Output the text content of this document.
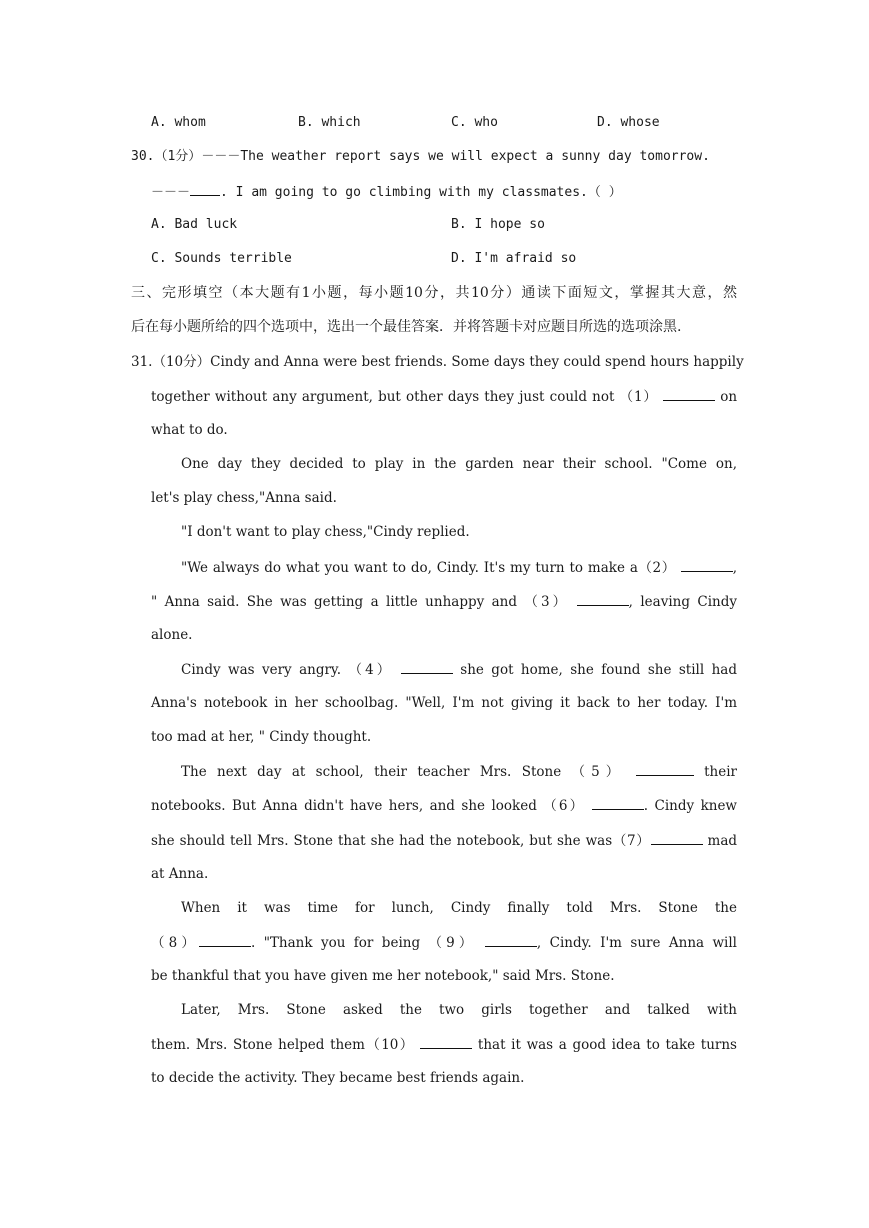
A. whom	B. which	C. who	D. whose
30.（1分）－－－The weather report says we will expect a sunny day tomorrow.
－－－ . I am going to go climbing with my classmates.（ ）
A. Bad luck	B. I hope so
C. Sounds terrible	D. I'm afraid so
三、完形填空（本大题有1小题，每小题10分，共10分）通读下面短文，掌握其大意，然
后在每小题所给的四个选项中，选出一个最佳答案．并将答题卡对应题目所选的选项涂黑.
31.（10分）Cindy and Anna were best friends. Some days they could spend hours happily
together without any argument, but other days they just could not （1）	on
what to do.
One day they decided to play in the garden near their school. "Come on,
let's play chess,"Anna said.
"I don't want to play chess,"Cindy replied.
"We always do what you want to do, Cindy. It's my turn to make a（2）	,
" Anna said. She was getting a little unhappy and （3）	, leaving Cindy
alone.
Cindy was very angry. （4）	she got home, she found she still had
Anna's notebook in her schoolbag. "Well, I'm not giving it back to her today. I'm
too mad at her, " Cindy thought.
The next day at school, their teacher Mrs. Stone （5）	their
notebooks. But Anna didn't have hers, and she looked （6）	. Cindy knew
she should tell Mrs. Stone that she had the notebook, but she was（7）	mad
at Anna.
When it was time for lunch, Cindy finally told Mrs. Stone the
（8）	. "Thank you for being （9）	, Cindy. I'm sure Anna will
be thankful that you have given me her notebook," said Mrs. Stone.
Later, Mrs. Stone asked the two girls together and talked with
them. Mrs. Stone helped them（10）	that it was a good idea to take turns
to decide the activity. They became best friends again.
